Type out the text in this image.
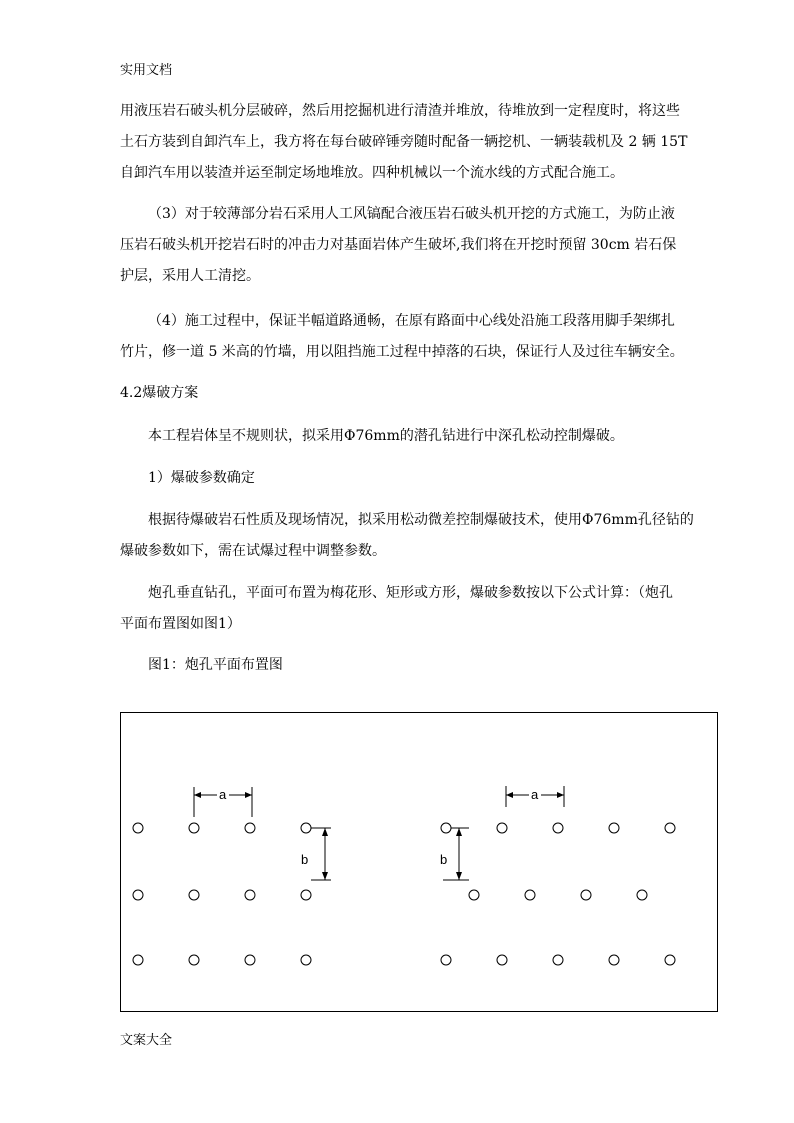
实用文档

用液压岩石破头机分层破碎，然后用挖掘机进行清渣并堆放，待堆放到一定程度时，将这些
土石方装到自卸汽车上，我方将在每台破碎锤旁随时配备一辆挖机、一辆装载机及 2 辆 15T
自卸汽车用以装渣并运至制定场地堆放。四种机械以一个流水线的方式配合施工。

（3）对于较薄部分岩石采用人工风镐配合液压岩石破头机开挖的方式施工，为防止液
压岩石破头机开挖岩石时的冲击力对基面岩体产生破坏,我们将在开挖时预留 30cm 岩石保
护层，采用人工清挖。

（4）施工过程中，保证半幅道路通畅，在原有路面中心线处沿施工段落用脚手架绑扎
竹片，修一道 5 米高的竹墙，用以阻挡施工过程中掉落的石块，保证行人及过往车辆安全。

4.2爆破方案

本工程岩体呈不规则状，拟采用Φ76mm的潜孔钻进行中深孔松动控制爆破。

1）爆破参数确定

根据待爆破岩石性质及现场情况，拟采用松动微差控制爆破技术，使用Φ76mm孔径钻的
爆破参数如下，需在试爆过程中调整参数。

炮孔垂直钻孔，平面可布置为梅花形、矩形或方形，爆破参数按以下公式计算：（炮孔
平面布置图如图1）

图1：炮孔平面布置图

a
b
a
b
文案大全
